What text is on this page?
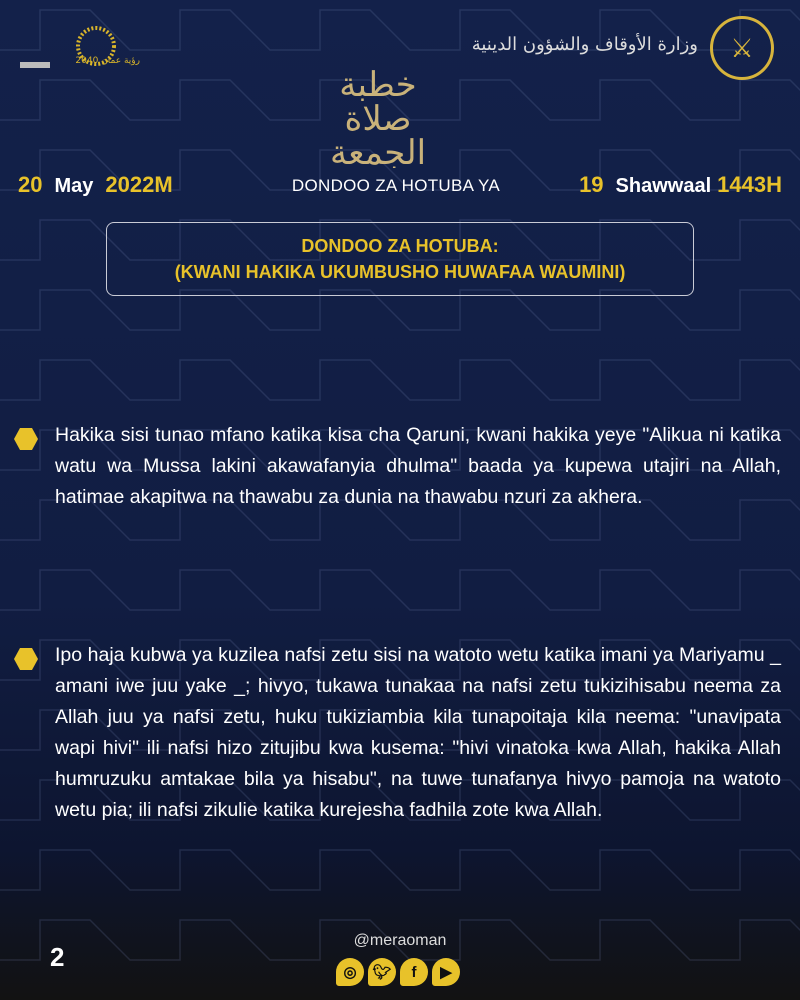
رؤية عمان 2040
وزارة الأوقاف والشؤون الدينية	⚔
خطبة صلاة الجمعة
20 May 2022M	DONDOO ZA HOTUBA YA	19 Shawwaal 1443H
DONDOO ZA HOTUBA:
(KWANI HAKIKA UKUMBUSHO HUWAFAA WAUMINI)
Hakika sisi tunao mfano katika kisa cha Qaruni, kwani hakika yeye "Alikua ni katika watu wa Mussa lakini akawafanyia dhulma" baada ya kupewa utajiri na Allah, hatimae akapitwa na thawabu za dunia na thawabu nzuri za akhera.
Ipo haja kubwa ya kuzilea nafsi zetu sisi na watoto wetu katika imani ya Mariyamu _ amani iwe juu yake _; hivyo, tukawa tunakaa na nafsi zetu tukizihisabu neema za Allah juu ya nafsi zetu, huku tukiziambia kila tunapoitaja kila neema: "unavipata wapi hivi" ili nafsi hizo zitujibu kwa kusema: "hivi vinatoka kwa Allah, hakika Allah humruzuku amtakae bila ya hisabu", na tuwe tunafanya hivyo pamoja na watoto wetu pia; ili nafsi zikulie katika kurejesha fadhila zote kwa Allah.
2
@meraoman
◎	🐦︎	f	▶
